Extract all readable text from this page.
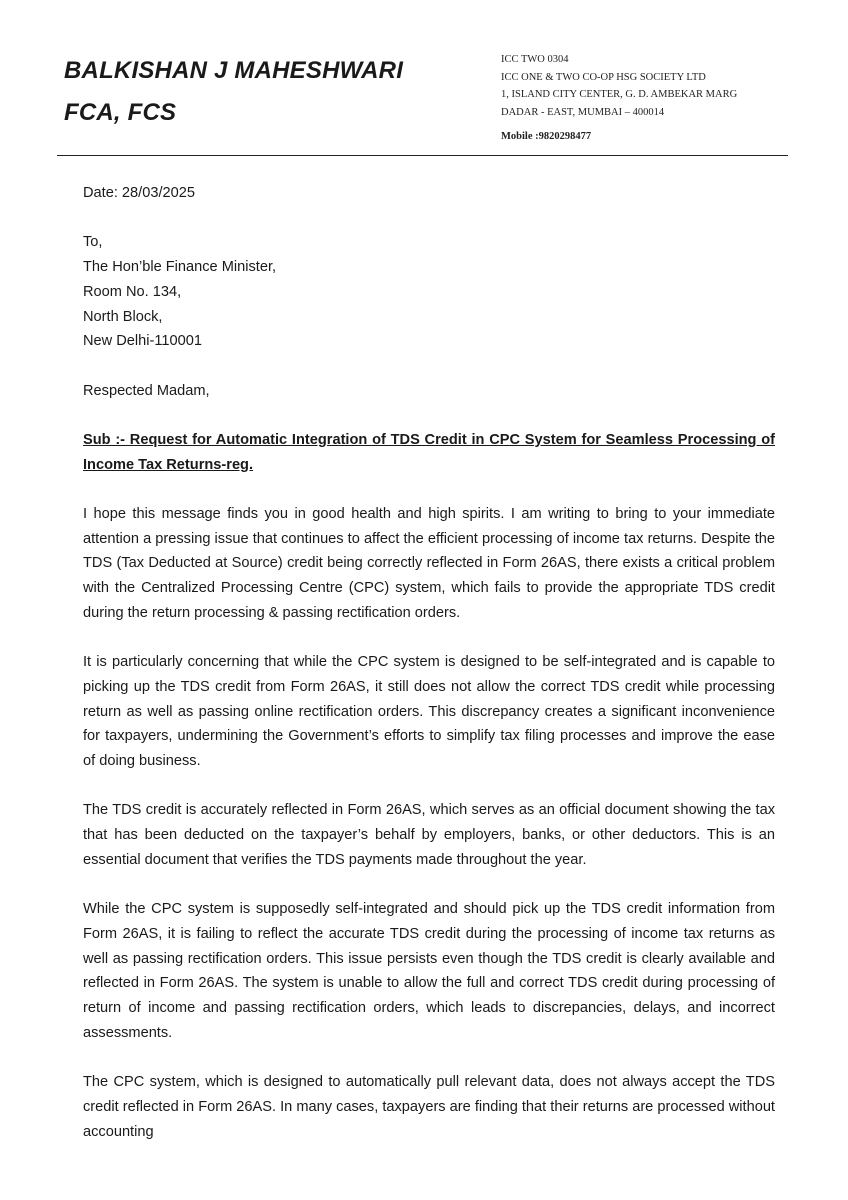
BALKISHAN J MAHESHWARI
FCA, FCS
ICC TWO 0304
ICC ONE & TWO CO-OP HSG SOCIETY LTD
1, ISLAND CITY CENTER, G. D. AMBEKAR MARG
DADAR - EAST, MUMBAI – 400014
Mobile :9820298477

Date: 28/03/2025

To,

The Hon’ble Finance Minister,

Room No. 134,

North Block,

New Delhi-110001

Respected Madam,

Sub :- Request for Automatic Integration of TDS Credit in CPC System for Seamless Processing of Income Tax Returns-reg.

I hope this message finds you in good health and high spirits. I am writing to bring to your immediate attention a pressing issue that continues to affect the efficient processing of income tax returns. Despite the TDS (Tax Deducted at Source) credit being correctly reflected in Form 26AS, there exists a critical problem with the Centralized Processing Centre (CPC) system, which fails to provide the appropriate TDS credit during the return processing & passing rectification orders.

It is particularly concerning that while the CPC system is designed to be self-integrated and is capable to picking up the TDS credit from Form 26AS, it still does not allow the correct TDS credit while processing return as well as passing online rectification orders. This discrepancy creates a significant inconvenience for taxpayers, undermining the Government’s efforts to simplify tax filing processes and improve the ease of doing business.

The TDS credit is accurately reflected in Form 26AS, which serves as an official document showing the tax that has been deducted on the taxpayer’s behalf by employers, banks, or other deductors. This is an essential document that verifies the TDS payments made throughout the year.

While the CPC system is supposedly self-integrated and should pick up the TDS credit information from Form 26AS, it is failing to reflect the accurate TDS credit during the processing of income tax returns as well as passing rectification orders. This issue persists even though the TDS credit is clearly available and reflected in Form 26AS. The system is unable to allow the full and correct TDS credit during processing of return of income and passing rectification orders, which leads to discrepancies, delays, and incorrect assessments.

The CPC system, which is designed to automatically pull relevant data, does not always accept the TDS credit reflected in Form 26AS. In many cases, taxpayers are finding that their returns are processed without accounting
